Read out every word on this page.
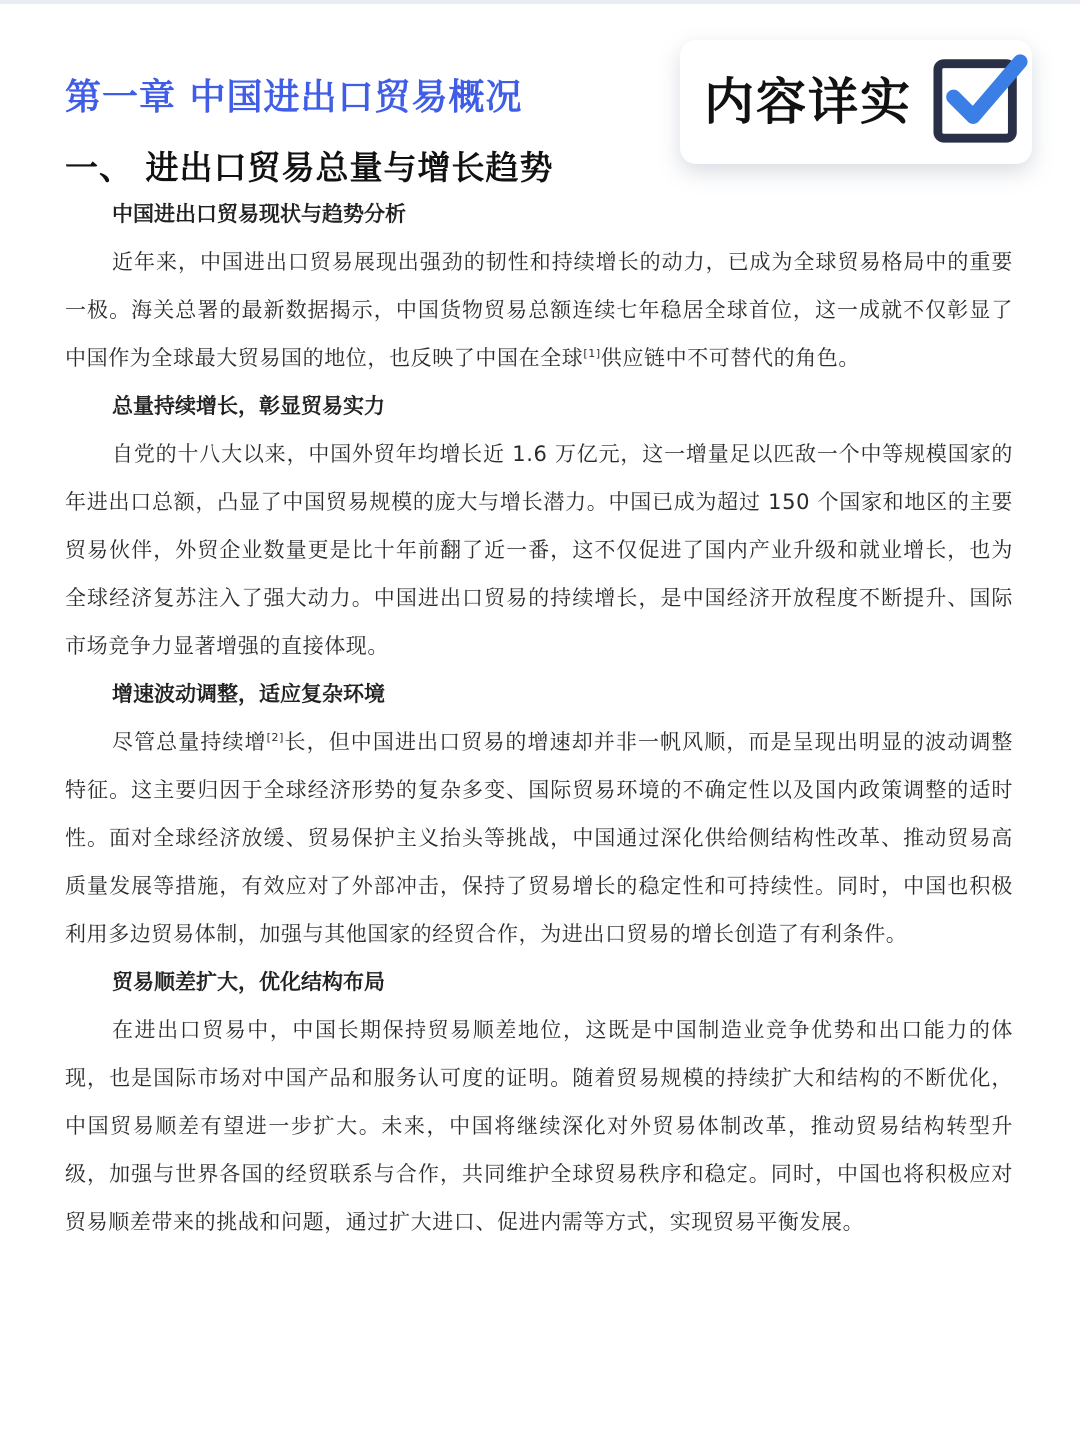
第一章 中国进出口贸易概况
一、 进出口贸易总量与增长趋势
中国进出口贸易现状与趋势分析

近年来，中国进出口贸易展现出强劲的韧性和持续增长的动力，已成为全球贸易格局中的重要一极。海关总署的最新数据揭示，中国货物贸易总额连续七年稳居全球首位，这一成就不仅彰显了中国作为全球最大贸易国的地位，也反映了中国在全球[1]供应链中不可替代的角色。

总量持续增长，彰显贸易实力

自党的十八大以来，中国外贸年均增长近 1.6 万亿元，这一增量足以匹敌一个中等规模国家的年进出口总额，凸显了中国贸易规模的庞大与增长潜力。中国已成为超过 150 个国家和地区的主要贸易伙伴，外贸企业数量更是比十年前翻了近一番，这不仅促进了国内产业升级和就业增长，也为全球经济复苏注入了强大动力。中国进出口贸易的持续增长，是中国经济开放程度不断提升、国际市场竞争力显著增强的直接体现。

增速波动调整，适应复杂环境

尽管总量持续增[2]长，但中国进出口贸易的增速却并非一帆风顺，而是呈现出明显的波动调整特征。这主要归因于全球经济形势的复杂多变、国际贸易环境的不确定性以及国内政策调整的适时性。面对全球经济放缓、贸易保护主义抬头等挑战，中国通过深化供给侧结构性改革、推动贸易高质量发展等措施，有效应对了外部冲击，保持了贸易增长的稳定性和可持续性。同时，中国也积极利用多边贸易体制，加强与其他国家的经贸合作，为进出口贸易的增长创造了有利条件。

贸易顺差扩大，优化结构布局

在进出口贸易中，中国长期保持贸易顺差地位，这既是中国制造业竞争优势和出口能力的体现，也是国际市场对中国产品和服务认可度的证明。随着贸易规模的持续扩大和结构的不断优化，中国贸易顺差有望进一步扩大。未来，中国将继续深化对外贸易体制改革，推动贸易结构转型升级，加强与世界各国的经贸联系与合作，共同维护全球贸易秩序和稳定。同时，中国也将积极应对贸易顺差带来的挑战和问题，通过扩大进口、促进内需等方式，实现贸易平衡发展。

内容详实
